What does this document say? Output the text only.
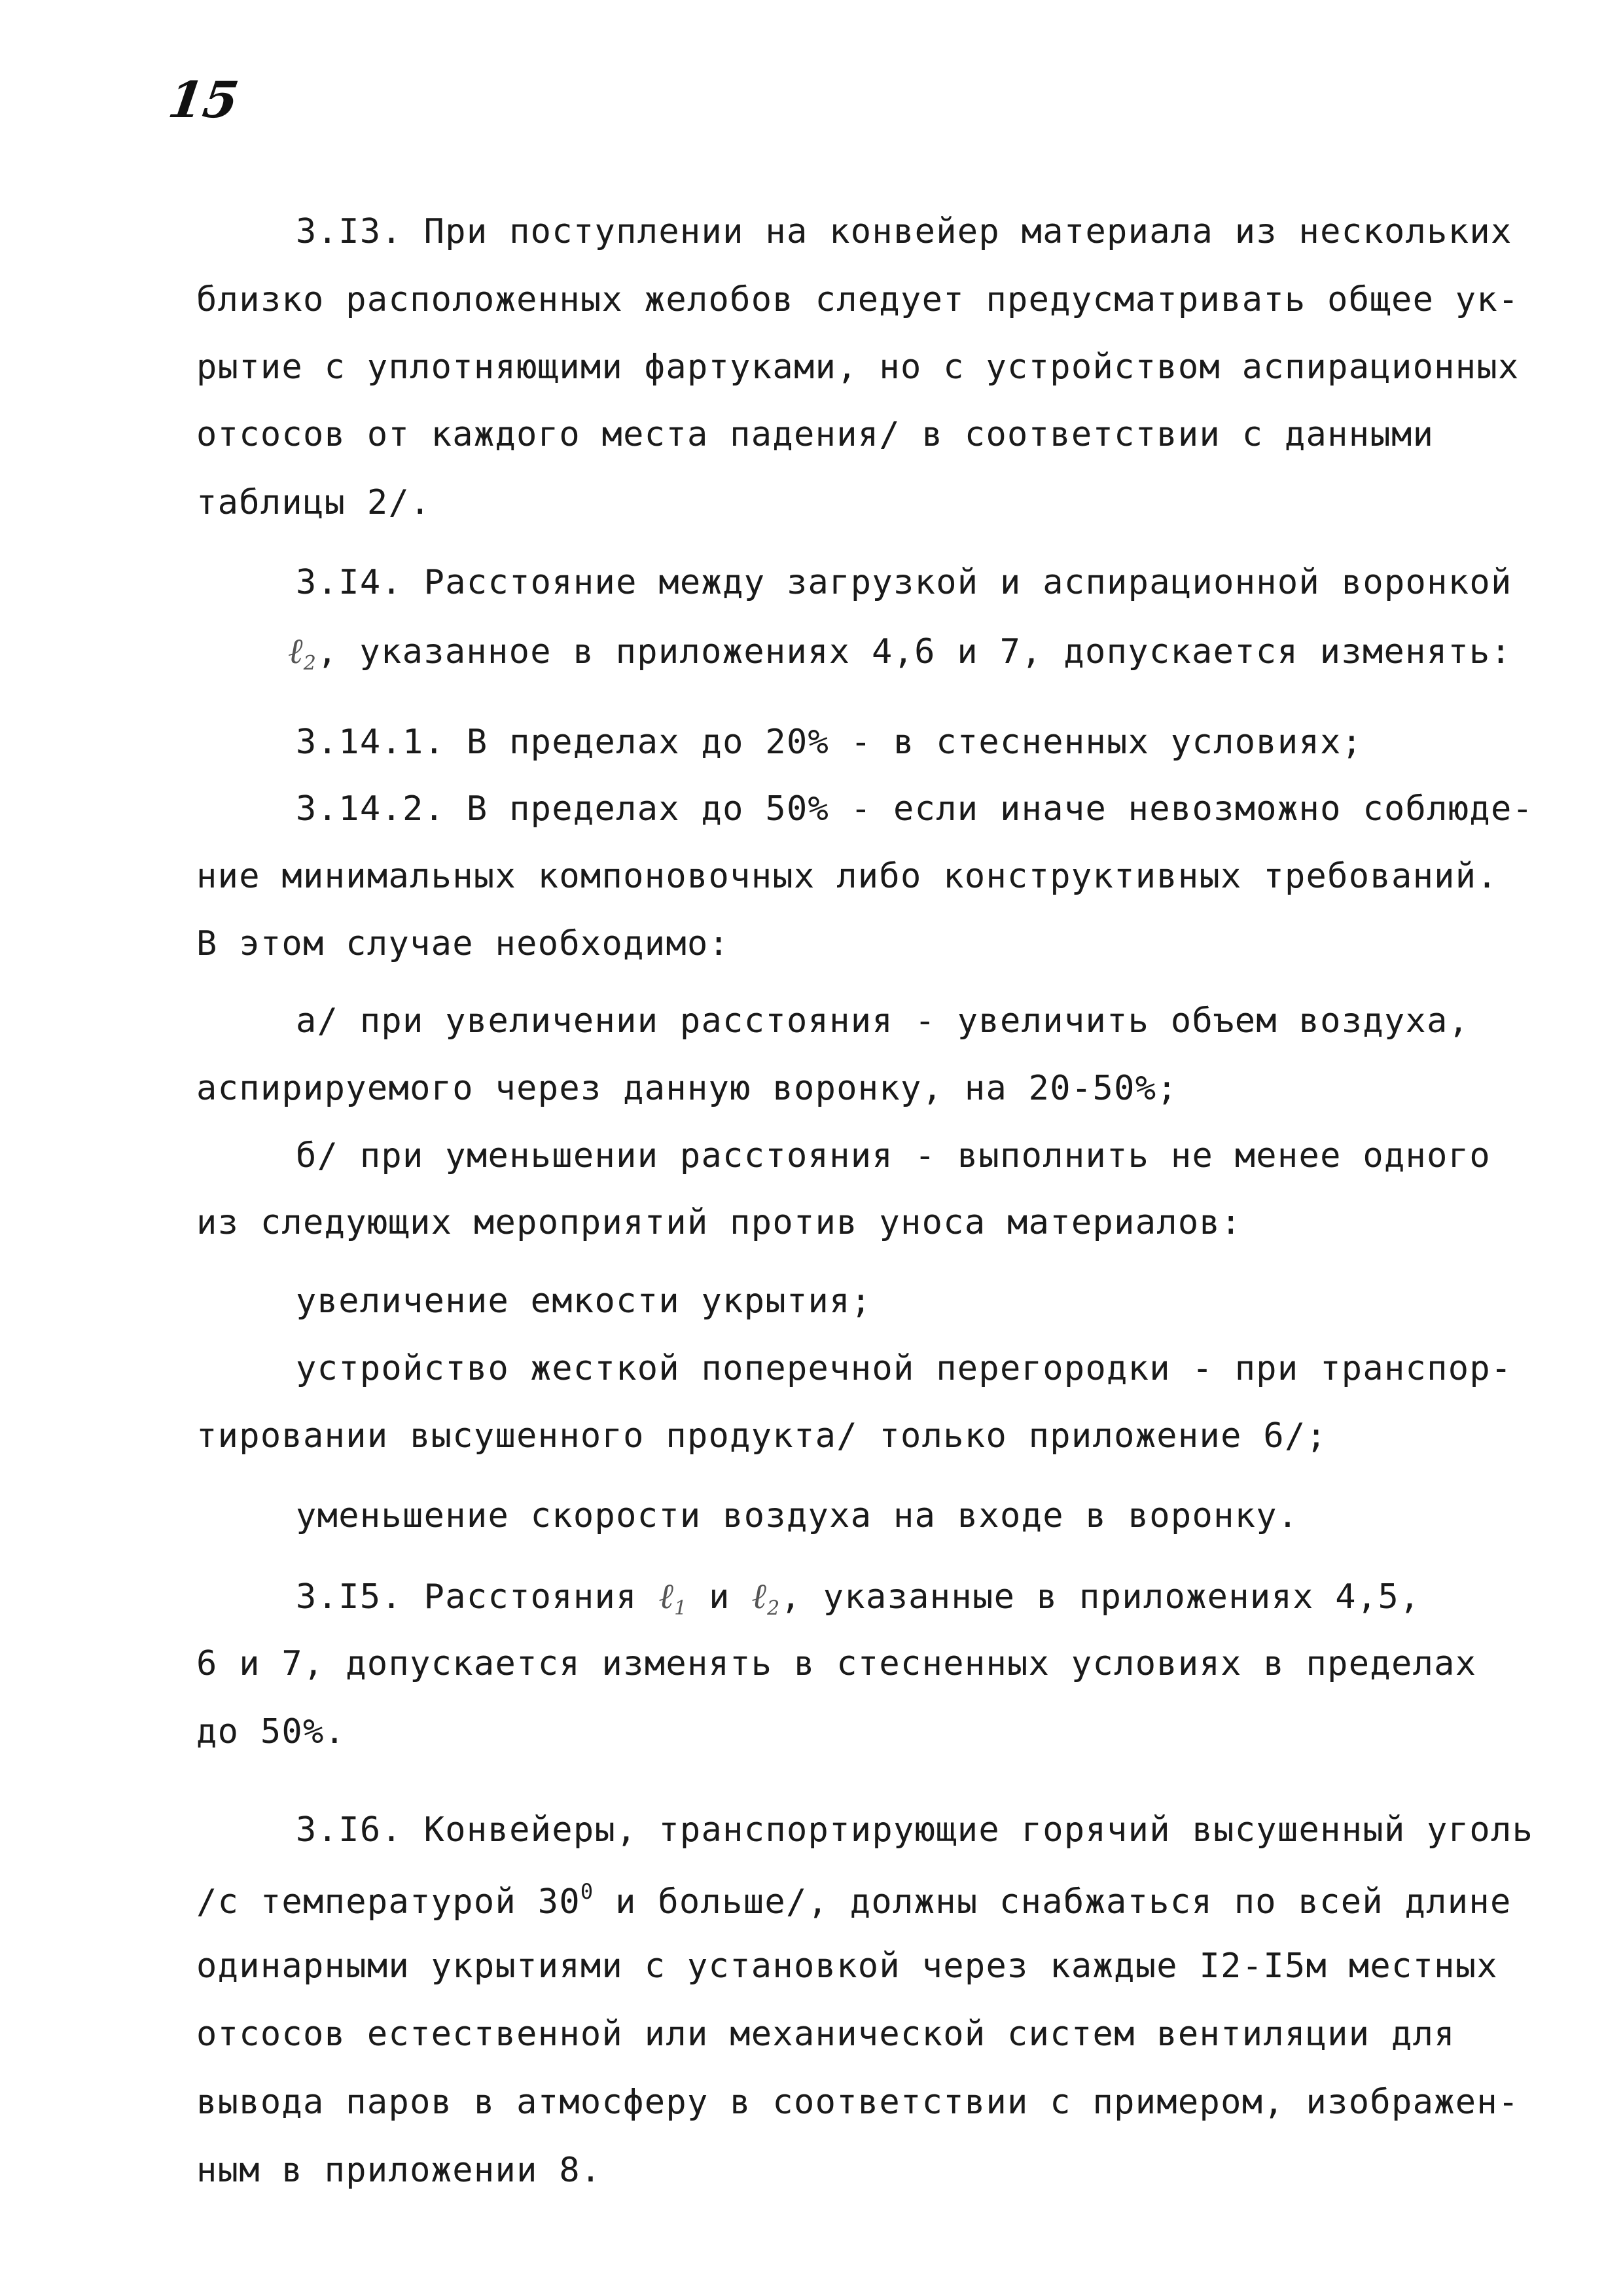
15
3.I3. При поступлении на конвейер материала из нескольких
близко расположенных желобов следует предусматривать общее ук-
рытие с уплотняющими фартуками, но с устройством аспирационных
отсосов от каждого места падения/ в соответствии с данными
таблицы 2/.
3.I4. Расстояние между загрузкой и аспирационной воронкой
ℓ$_2$, указанное в приложениях 4,6 и 7, допускается изменять:
3.14.1. В пределах до 20% - в стесненных условиях;
3.14.2. В пределах до 50% - если иначе невозможно соблюде-
ние минимальных компоновочных либо конструктивных требований.
В этом случае необходимо:
а/ при увеличении расстояния - увеличить объем воздуха,
аспирируемого через данную воронку, на 20-50%;
б/ при уменьшении расстояния - выполнить не менее одного
из следующих мероприятий против уноса материалов:
увеличение емкости укрытия;
устройство жесткой поперечной перегородки - при транспор-
тировании высушенного продукта/ только приложение 6/;
уменьшение скорости воздуха на входе в воронку.
3.I5. Расстояния ℓ$_1$ и ℓ$_2$, указанные в приложениях 4,5,
6 и 7, допускается изменять в стесненных условиях в пределах
до 50%.
3.I6. Конвейеры, транспортирующие горячий высушенный уголь
/с температурой $30^0$ и больше/, должны снабжаться по всей длине
одинарными укрытиями с установкой через каждые I2-I5м местных
отсосов естественной или механической систем вентиляции для
вывода паров в атмосферу в соответствии с примером, изображен-
ным в приложении 8.
